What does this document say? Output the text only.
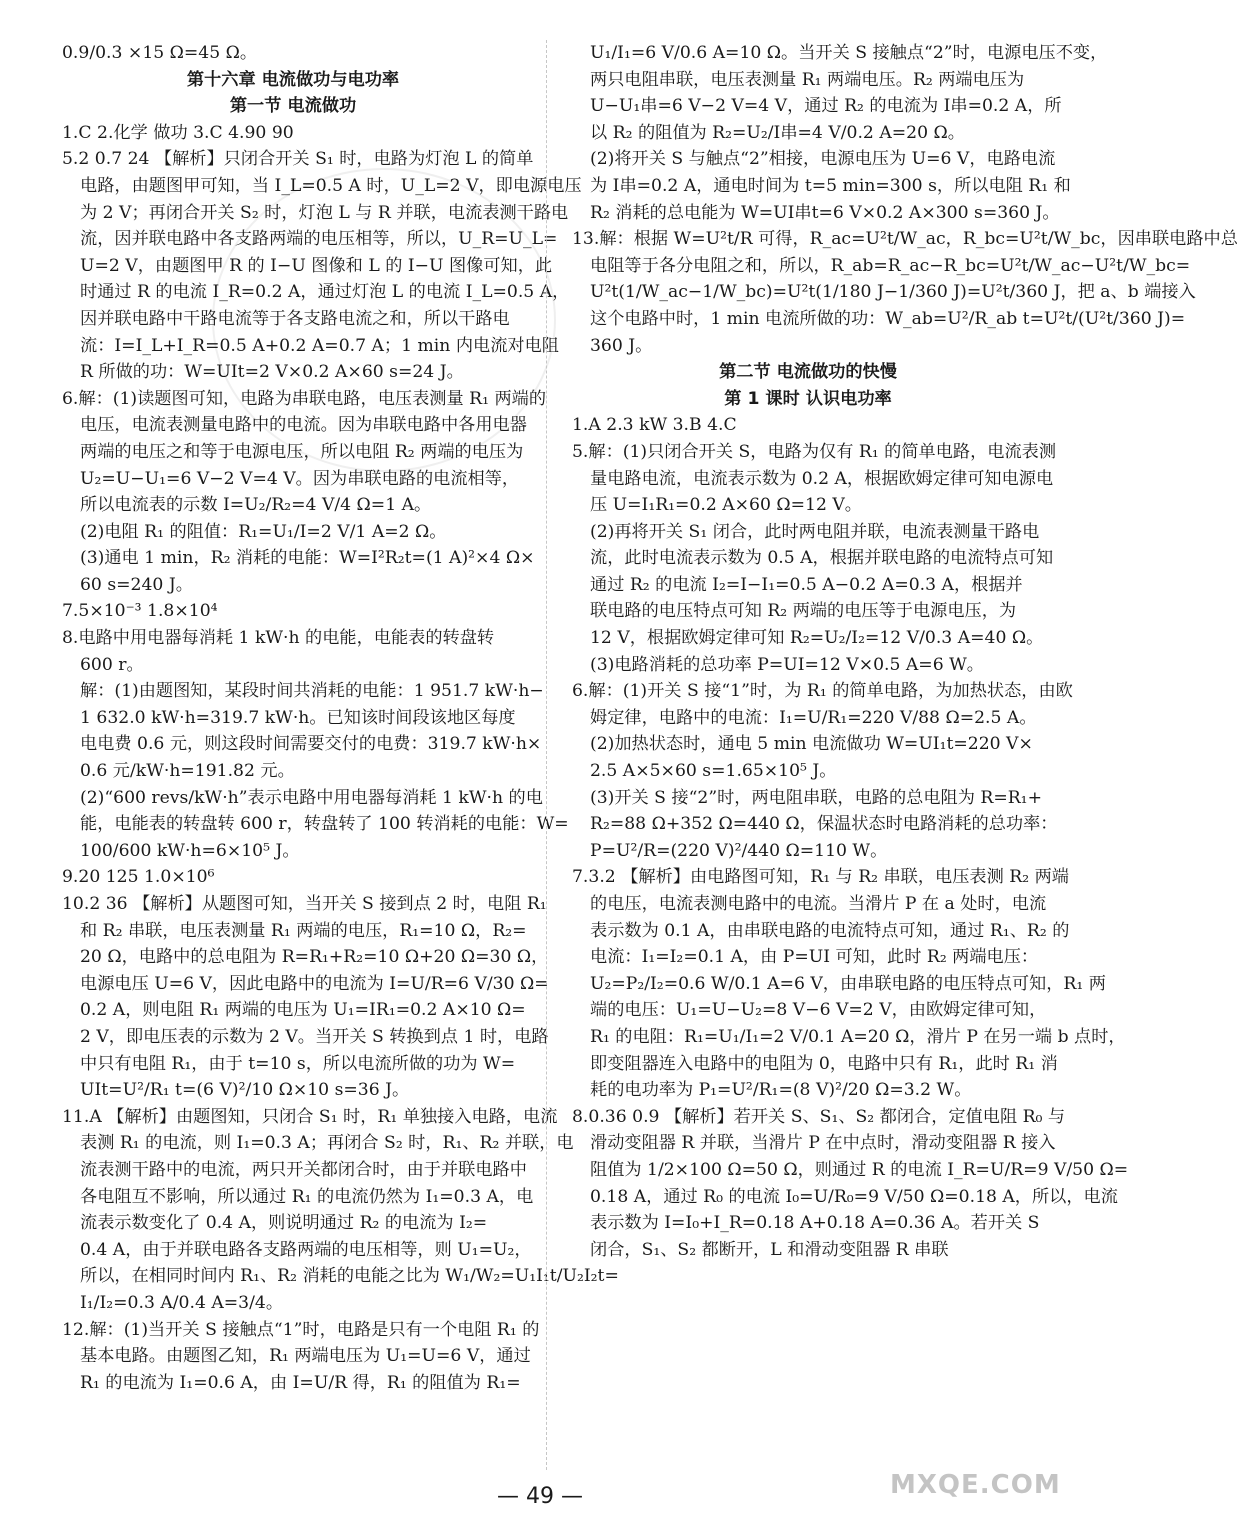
0.9/0.3 ×15 Ω=45 Ω。
第十六章 电流做功与电功率
第一节 电流做功
1.C 2.化学 做功 3.C 4.90 90
5.2 0.7 24 【解析】只闭合开关 S₁ 时，电路为灯泡 L 的简单
电路，由题图甲可知，当 I_L=0.5 A 时，U_L=2 V，即电源电压
为 2 V；再闭合开关 S₂ 时，灯泡 L 与 R 并联，电流表测干路电
流，因并联电路中各支路两端的电压相等，所以，U_R=U_L=
U=2 V，由题图甲 R 的 I−U 图像和 L 的 I−U 图像可知，此
时通过 R 的电流 I_R=0.2 A，通过灯泡 L 的电流 I_L=0.5 A，
因并联电路中干路电流等于各支路电流之和，所以干路电
流：I=I_L+I_R=0.5 A+0.2 A=0.7 A；1 min 内电流对电阻
R 所做的功：W=UIt=2 V×0.2 A×60 s=24 J。
6.解：(1)读题图可知，电路为串联电路，电压表测量 R₁ 两端的
电压，电流表测量电路中的电流。因为串联电路中各用电器
两端的电压之和等于电源电压，所以电阻 R₂ 两端的电压为
U₂=U−U₁=6 V−2 V=4 V。因为串联电路的电流相等，
所以电流表的示数 I=U₂/R₂=4 V/4 Ω=1 A。
(2)电阻 R₁ 的阻值：R₁=U₁/I=2 V/1 A=2 Ω。
(3)通电 1 min，R₂ 消耗的电能：W=I²R₂t=(1 A)²×4 Ω×
60 s=240 J。
7.5×10⁻³ 1.8×10⁴
8.电路中用电器每消耗 1 kW·h 的电能，电能表的转盘转
600 r。
解：(1)由题图知，某段时间共消耗的电能：1 951.7 kW·h−
1 632.0 kW·h=319.7 kW·h。已知该时间段该地区每度
电电费 0.6 元，则这段时间需要交付的电费：319.7 kW·h×
0.6 元/kW·h=191.82 元。
(2)“600 revs/kW·h”表示电路中用电器每消耗 1 kW·h 的电
能，电能表的转盘转 600 r，转盘转了 100 转消耗的电能：W=
100/600 kW·h=6×10⁵ J。
9.20 125 1.0×10⁶
10.2 36 【解析】从题图可知，当开关 S 接到点 2 时，电阻 R₁
和 R₂ 串联，电压表测量 R₁ 两端的电压，R₁=10 Ω，R₂=
20 Ω，电路中的总电阻为 R=R₁+R₂=10 Ω+20 Ω=30 Ω，
电源电压 U=6 V，因此电路中的电流为 I=U/R=6 V/30 Ω=
0.2 A，则电阻 R₁ 两端的电压为 U₁=IR₁=0.2 A×10 Ω=
2 V，即电压表的示数为 2 V。当开关 S 转换到点 1 时，电路
中只有电阻 R₁，由于 t=10 s，所以电流所做的功为 W=
UIt=U²/R₁ t=(6 V)²/10 Ω×10 s=36 J。
11.A 【解析】由题图知，只闭合 S₁ 时，R₁ 单独接入电路，电流
表测 R₁ 的电流，则 I₁=0.3 A；再闭合 S₂ 时，R₁、R₂ 并联，电
流表测干路中的电流，两只开关都闭合时，由于并联电路中
各电阻互不影响，所以通过 R₁ 的电流仍然为 I₁=0.3 A，电
流表示数变化了 0.4 A，则说明通过 R₂ 的电流为 I₂=
0.4 A，由于并联电路各支路两端的电压相等，则 U₁=U₂，
所以，在相同时间内 R₁、R₂ 消耗的电能之比为 W₁/W₂=U₁I₁t/U₂I₂t=
I₁/I₂=0.3 A/0.4 A=3/4。
12.解：(1)当开关 S 接触点“1”时，电路是只有一个电阻 R₁ 的
基本电路。由题图乙知，R₁ 两端电压为 U₁=U=6 V，通过
R₁ 的电流为 I₁=0.6 A，由 I=U/R 得，R₁ 的阻值为 R₁=
U₁/I₁=6 V/0.6 A=10 Ω。当开关 S 接触点“2”时，电源电压不变，
两只电阻串联，电压表测量 R₁ 两端电压。R₂ 两端电压为
U−U₁串=6 V−2 V=4 V，通过 R₂ 的电流为 I串=0.2 A，所
以 R₂ 的阻值为 R₂=U₂/I串=4 V/0.2 A=20 Ω。
(2)将开关 S 与触点“2”相接，电源电压为 U=6 V，电路电流
为 I串=0.2 A，通电时间为 t=5 min=300 s，所以电阻 R₁ 和
R₂ 消耗的总电能为 W=UI串t=6 V×0.2 A×300 s=360 J。
13.解：根据 W=U²t/R 可得，R_ac=U²t/W_ac，R_bc=U²t/W_bc，因串联电路中总
电阻等于各分电阻之和，所以，R_ab=R_ac−R_bc=U²t/W_ac−U²t/W_bc=
U²t(1/W_ac−1/W_bc)=U²t(1/180 J−1/360 J)=U²t/360 J，把 a、b 端接入
这个电路中时，1 min 电流所做的功：W_ab=U²/R_ab t=U²t/(U²t/360 J)=
360 J。
第二节 电流做功的快慢
第 1 课时 认识电功率
1.A 2.3 kW 3.B 4.C
5.解：(1)只闭合开关 S，电路为仅有 R₁ 的简单电路，电流表测
量电路电流，电流表示数为 0.2 A，根据欧姆定律可知电源电
压 U=I₁R₁=0.2 A×60 Ω=12 V。
(2)再将开关 S₁ 闭合，此时两电阻并联，电流表测量干路电
流，此时电流表示数为 0.5 A，根据并联电路的电流特点可知
通过 R₂ 的电流 I₂=I−I₁=0.5 A−0.2 A=0.3 A，根据并
联电路的电压特点可知 R₂ 两端的电压等于电源电压，为
12 V，根据欧姆定律可知 R₂=U₂/I₂=12 V/0.3 A=40 Ω。
(3)电路消耗的总功率 P=UI=12 V×0.5 A=6 W。
6.解：(1)开关 S 接“1”时，为 R₁ 的简单电路，为加热状态，由欧
姆定律，电路中的电流：I₁=U/R₁=220 V/88 Ω=2.5 A。
(2)加热状态时，通电 5 min 电流做功 W=UI₁t=220 V×
2.5 A×5×60 s=1.65×10⁵ J。
(3)开关 S 接“2”时，两电阻串联，电路的总电阻为 R=R₁+
R₂=88 Ω+352 Ω=440 Ω，保温状态时电路消耗的总功率：
P=U²/R=(220 V)²/440 Ω=110 W。
7.3.2 【解析】由电路图可知，R₁ 与 R₂ 串联，电压表测 R₂ 两端
的电压，电流表测电路中的电流。当滑片 P 在 a 处时，电流
表示数为 0.1 A，由串联电路的电流特点可知，通过 R₁、R₂ 的
电流：I₁=I₂=0.1 A，由 P=UI 可知，此时 R₂ 两端电压：
U₂=P₂/I₂=0.6 W/0.1 A=6 V，由串联电路的电压特点可知，R₁ 两
端的电压：U₁=U−U₂=8 V−6 V=2 V，由欧姆定律可知，
R₁ 的电阻：R₁=U₁/I₁=2 V/0.1 A=20 Ω，滑片 P 在另一端 b 点时，
即变阻器连入电路中的电阻为 0，电路中只有 R₁，此时 R₁ 消
耗的电功率为 P₁=U²/R₁=(8 V)²/20 Ω=3.2 W。
8.0.36 0.9 【解析】若开关 S、S₁、S₂ 都闭合，定值电阻 R₀ 与
滑动变阻器 R 并联，当滑片 P 在中点时，滑动变阻器 R 接入
阻值为 1/2×100 Ω=50 Ω，则通过 R 的电流 I_R=U/R=9 V/50 Ω=
0.18 A，通过 R₀ 的电流 I₀=U/R₀=9 V/50 Ω=0.18 A，所以，电流
表示数为 I=I₀+I_R=0.18 A+0.18 A=0.36 A。若开关 S
闭合，S₁、S₂ 都断开，L 和滑动变阻器 R 串联
— 49 —	MXQE.COM
